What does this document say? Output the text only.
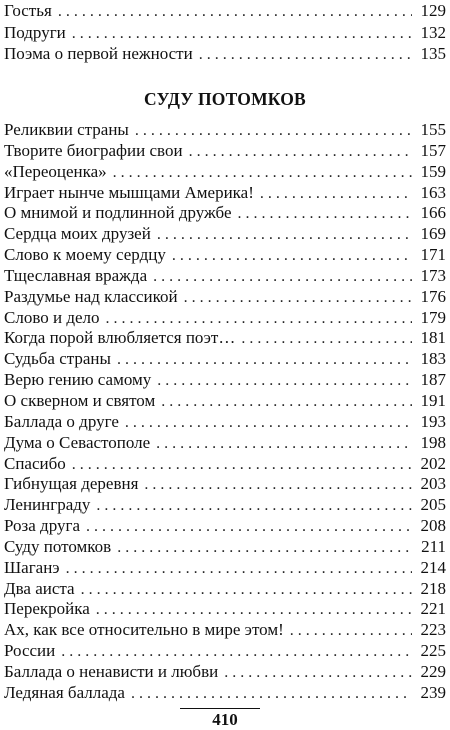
Гостья . . .	129
Подруги . . .	132
Поэма о первой нежности . . .	135
СУДУ ПОТОМКОВ
Реликвии страны . . .	155
Творите биографии свои . . .	157
«Переоценка» . . .	159
Играет нынче мышцами Америка! . . .	163
О мнимой и подлинной дружбе . . .	166
Сердца моих друзей . . .	169
Слово к моему сердцу . . .	171
Тщеславная вражда . . .	173
Раздумье над классикой . . .	176
Слово и дело . . .	179
Когда порой влюбляется поэт… . . .	181
Судьба страны . . .	183
Верю гению самому . . .	187
О скверном и святом . . .	191
Баллада о друге . . .	193
Дума о Севастополе . . .	198
Спасибо . . .	202
Гибнущая деревня . . .	203
Ленинграду . . .	205
Роза друга . . .	208
Суду потомков . . .	211
Шаганэ . . .	214
Два аиста . . .	218
Перекройка . . .	221
Ах, как все относительно в мире этом! . . .	223
России . . .	225
Баллада о ненависти и любви . . .	229
Ледяная баллада . . .	239
410
